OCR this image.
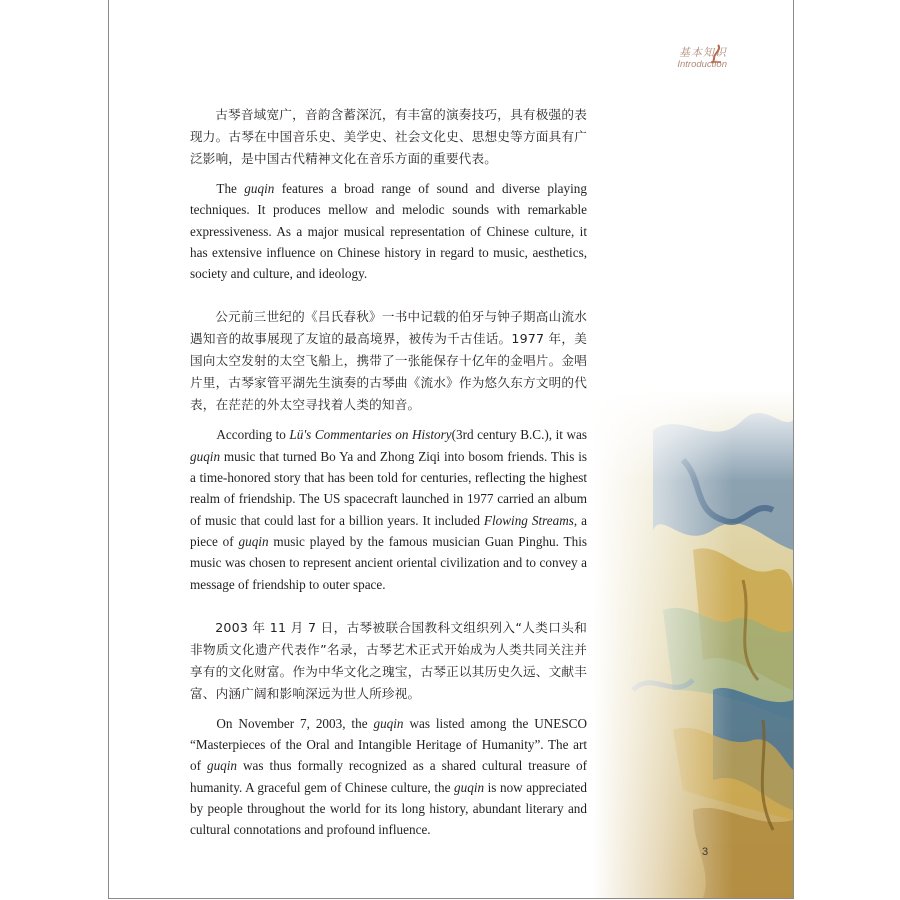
基本知识
Introduction

古琴音域宽广，音韵含蓄深沉，有丰富的演奏技巧，具有极强的表现力。古琴在中国音乐史、美学史、社会文化史、思想史等方面具有广泛影响，是中国古代精神文化在音乐方面的重要代表。

The guqin features a broad range of sound and diverse playing techniques. It produces mellow and melodic sounds with remarkable expressiveness. As a major musical representation of Chinese culture, it has extensive influence on Chinese history in regard to music, aesthetics, society and culture, and ideology.

公元前三世纪的《吕氏春秋》一书中记载的伯牙与钟子期高山流水遇知音的故事展现了友谊的最高境界，被传为千古佳话。1977 年，美国向太空发射的太空飞船上，携带了一张能保存十亿年的金唱片。金唱片里，古琴家管平湖先生演奏的古琴曲《流水》作为悠久东方文明的代表，在茫茫的外太空寻找着人类的知音。

According to Lü's Commentaries on History(3rd century B.C.), it was guqin music that turned Bo Ya and Zhong Ziqi into bosom friends. This is a time-honored story that has been told for centuries, reflecting the highest realm of friendship. The US spacecraft launched in 1977 carried an album of music that could last for a billion years. It included Flowing Streams, a piece of guqin music played by the famous musician Guan Pinghu. This music was chosen to represent ancient oriental civilization and to convey a message of friendship to outer space.

2003 年 11 月 7 日，古琴被联合国教科文组织列入“人类口头和非物质文化遗产代表作”名录，古琴艺术正式开始成为人类共同关注并享有的文化财富。作为中华文化之瑰宝，古琴正以其历史久远、文献丰富、内涵广阔和影响深远为世人所珍视。

On November 7, 2003, the guqin was listed among the UNESCO “Masterpieces of the Oral and Intangible Heritage of Humanity”. The art of guqin was thus formally recognized as a shared cultural treasure of humanity. A graceful gem of Chinese culture, the guqin is now appreciated by people throughout the world for its long history, abundant literary and cultural connotations and profound influence.

3
